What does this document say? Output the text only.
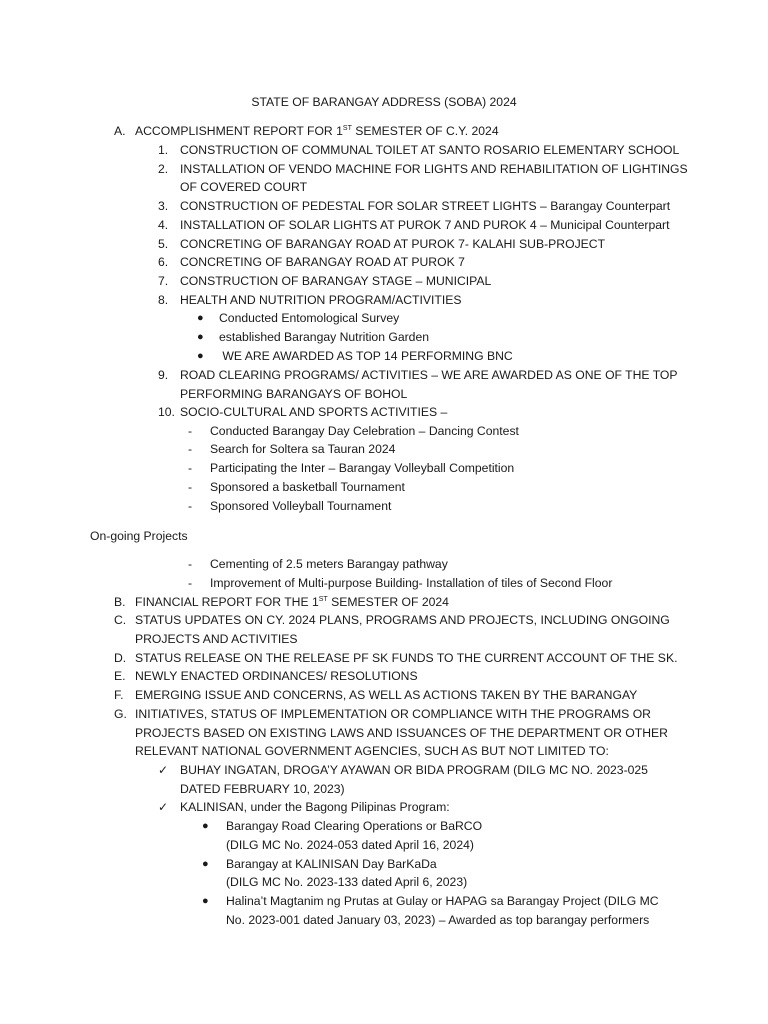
STATE OF BARANGAY ADDRESS (SOBA) 2024
A. ACCOMPLISHMENT REPORT FOR 1ST SEMESTER OF C.Y. 2024
1. CONSTRUCTION OF COMMUNAL TOILET AT SANTO ROSARIO ELEMENTARY SCHOOL
2. INSTALLATION OF VENDO MACHINE FOR LIGHTS AND REHABILITATION OF LIGHTINGS
OF COVERED COURT
3. CONSTRUCTION OF PEDESTAL FOR SOLAR STREET LIGHTS – Barangay Counterpart
4. INSTALLATION OF SOLAR LIGHTS AT PUROK 7 AND PUROK 4 – Municipal Counterpart
5. CONCRETING OF BARANGAY ROAD AT PUROK 7- KALAHI SUB-PROJECT
6. CONCRETING OF BARANGAY ROAD AT PUROK 7
7. CONSTRUCTION OF BARANGAY STAGE – MUNICIPAL
8. HEALTH AND NUTRITION PROGRAM/ACTIVITIES
● Conducted Entomological Survey
● established Barangay Nutrition Garden
● WE ARE AWARDED AS TOP 14 PERFORMING BNC
9. ROAD CLEARING PROGRAMS/ ACTIVITIES – WE ARE AWARDED AS ONE OF THE TOP
PERFORMING BARANGAYS OF BOHOL
10. SOCIO-CULTURAL AND SPORTS ACTIVITIES –
- Conducted Barangay Day Celebration – Dancing Contest
- Search for Soltera sa Tauran 2024
- Participating the Inter – Barangay Volleyball Competition
- Sponsored a basketball Tournament
- Sponsored Volleyball Tournament
On-going Projects
- Cementing of 2.5 meters Barangay pathway
- Improvement of Multi-purpose Building- Installation of tiles of Second Floor
B. FINANCIAL REPORT FOR THE 1ST SEMESTER OF 2024
C. STATUS UPDATES ON CY. 2024 PLANS, PROGRAMS AND PROJECTS, INCLUDING ONGOING
PROJECTS AND ACTIVITIES
D. STATUS RELEASE ON THE RELEASE PF SK FUNDS TO THE CURRENT ACCOUNT OF THE SK.
E. NEWLY ENACTED ORDINANCES/ RESOLUTIONS
F. EMERGING ISSUE AND CONCERNS, AS WELL AS ACTIONS TAKEN BY THE BARANGAY
G. INITIATIVES, STATUS OF IMPLEMENTATION OR COMPLIANCE WITH THE PROGRAMS OR
PROJECTS BASED ON EXISTING LAWS AND ISSUANCES OF THE DEPARTMENT OR OTHER
RELEVANT NATIONAL GOVERNMENT AGENCIES, SUCH AS BUT NOT LIMITED TO:
✓ BUHAY INGATAN, DROGA’Y AYAWAN OR BIDA PROGRAM (DILG MC NO. 2023-025
DATED FEBRUARY 10, 2023)
✓ KALINISAN, under the Bagong Pilipinas Program:
● Barangay Road Clearing Operations or BaRCO
(DILG MC No. 2024-053 dated April 16, 2024)
● Barangay at KALINISAN Day BarKaDa
(DILG MC No. 2023-133 dated April 6, 2023)
● Halina’t Magtanim ng Prutas at Gulay or HAPAG sa Barangay Project (DILG MC
No. 2023-001 dated January 03, 2023) – Awarded as top barangay performers
